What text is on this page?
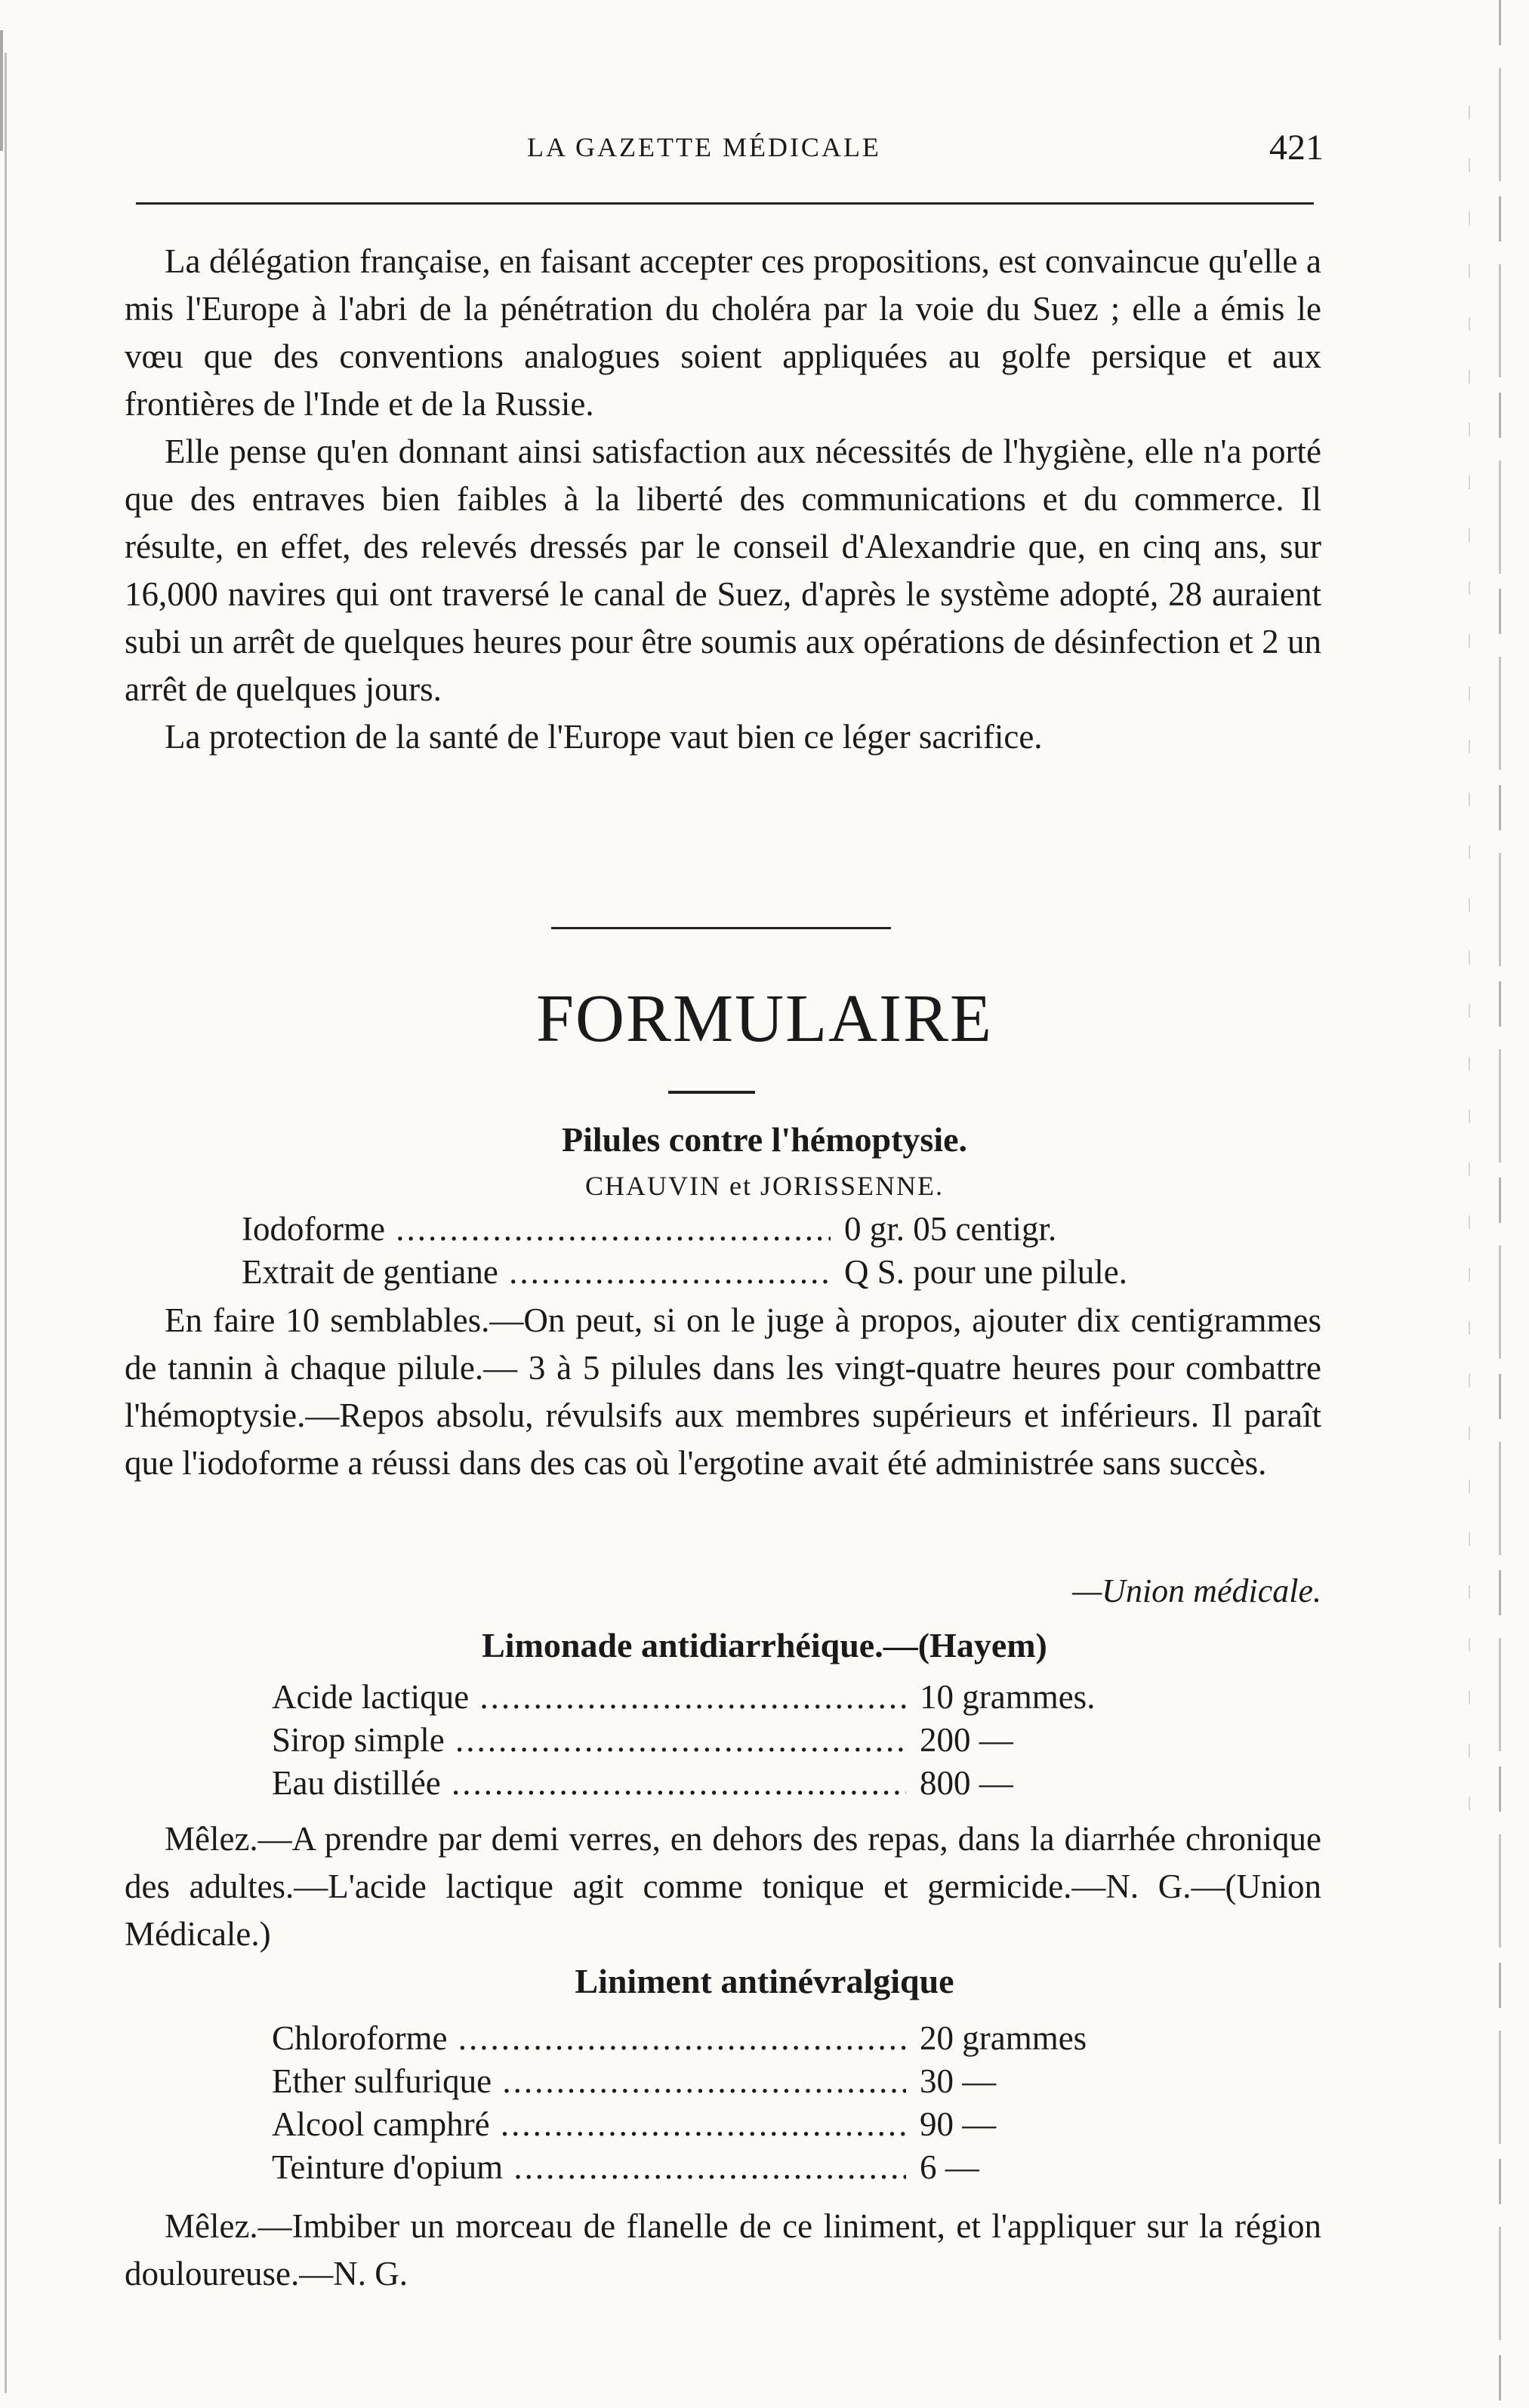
LA GAZETTE MÉDICALE	421

La délégation française, en faisant accepter ces propositions, est convaincue qu'elle a mis l'Europe à l'abri de la pénétration du choléra par la voie du Suez ; elle a émis le vœu que des conventions analogues soient appliquées au golfe persique et aux frontières de l'Inde et de la Russie.

Elle pense qu'en donnant ainsi satisfaction aux nécessités de l'hygiène, elle n'a porté que des entraves bien faibles à la liberté des communications et du commerce. Il résulte, en effet, des relevés dressés par le conseil d'Alexandrie que, en cinq ans, sur 16,000 navires qui ont traversé le canal de Suez, d'après le système adopté, 28 auraient subi un arrêt de quelques heures pour être soumis aux opérations de désinfection et 2 un arrêt de quelques jours.

La protection de la santé de l'Europe vaut bien ce léger sacrifice.

FORMULAIRE
Pilules contre l'hémoptysie.
CHAUVIN et JORISSENNE.
Iodoforme .....	0 gr. 05 centigr.
Extrait de gentiane .....	Q S. pour une pilule.

En faire 10 semblables.—On peut, si on le juge à propos, ajouter dix centigrammes de tannin à chaque pilule.— 3 à 5 pilules dans les vingt-quatre heures pour combattre l'hémoptysie.—Repos absolu, révulsifs aux membres supérieurs et inférieurs. Il paraît que l'iodoforme a réussi dans des cas où l'ergotine avait été administrée sans succès.

—Union médicale.
Limonade antidiarrhéique.—(Hayem)
Acide lactique .....	10 grammes.
Sirop simple .....	200 —
Eau distillée .....	800 —

Mêlez.—A prendre par demi verres, en dehors des repas, dans la diarrhée chronique des adultes.—L'acide lactique agit comme tonique et germicide.—N. G.—(Union Médicale.)

Liniment antinévralgique
Chloroforme .....	20 grammes
Ether sulfurique .....	30 —
Alcool camphré .....	90 —
Teinture d'opium .....	6 —

Mêlez.—Imbiber un morceau de flanelle de ce liniment, et l'appliquer sur la région douloureuse.—N. G.
